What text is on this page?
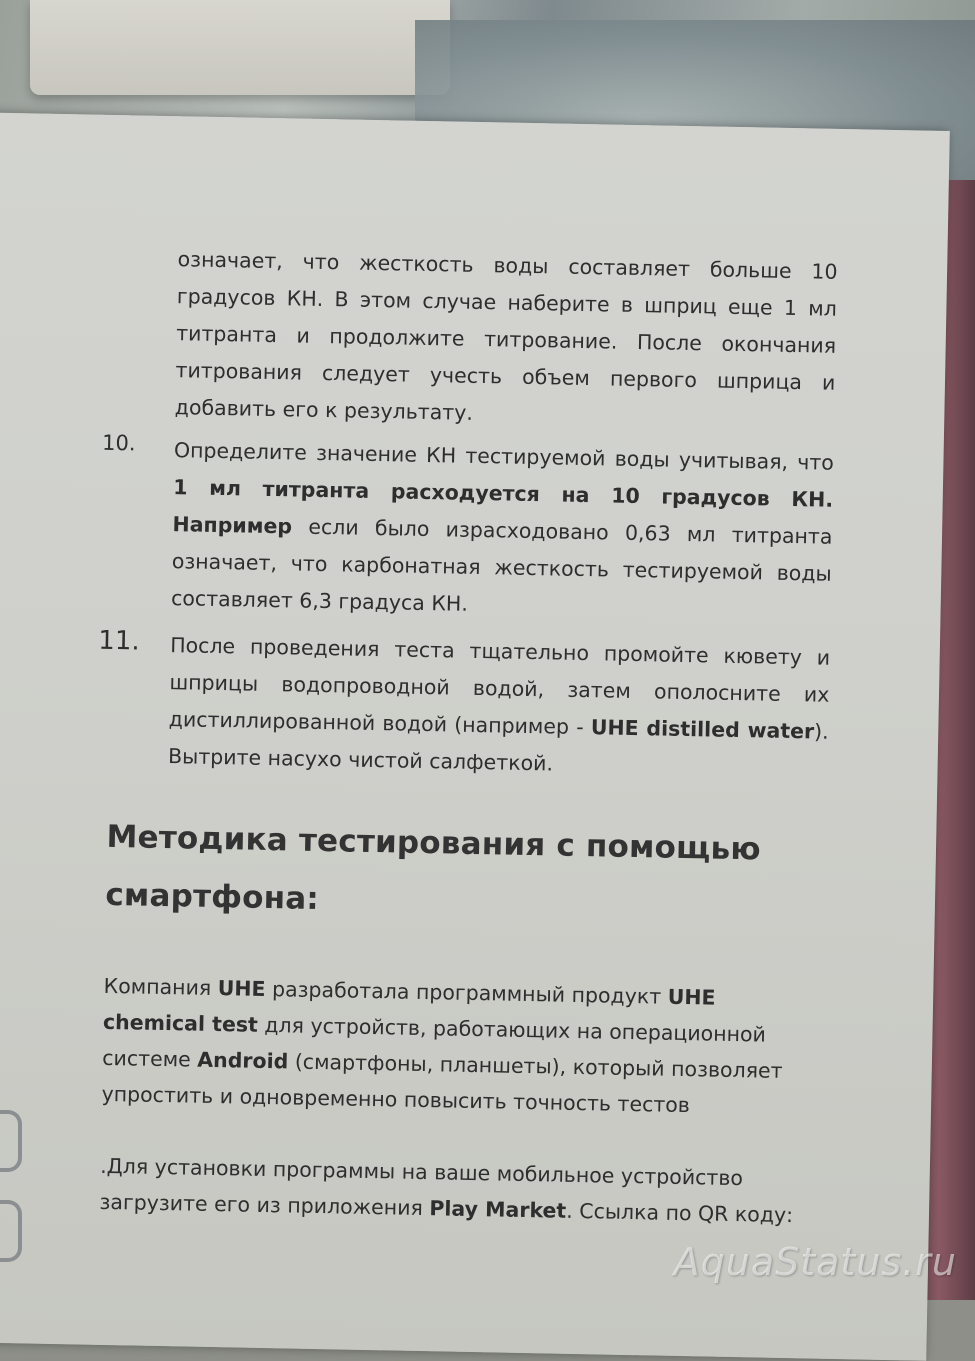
означает, что жесткость воды составляет больше 10 градусов КН. В этом случае наберите в шприц еще 1 мл титранта и продолжите титрование. После окончания титрования следует учесть объем первого шприца и добавить его к результату.

10. Определите значение КН тестируемой воды учитывая, что 1 мл титранта расходуется на 10 градусов КН. Например если было израсходовано 0,63 мл титранта означает, что карбонатная жесткость тестируемой воды составляет 6,3 градуса КН.

11. После проведения теста тщательно промойте кювету и шприцы водопроводной водой, затем ополосните их дистиллированной водой (например - UHE distilled water). Вытрите насухо чистой салфеткой.

Методика тестирования с помощью смартфона:

Компания UHE разработала программный продукт UHE chemical test для устройств, работающих на операционной системе Android (смартфоны, планшеты), который позволяет упростить и одновременно повысить точность тестов

.Для установки программы на ваше мобильное устройство загрузите его из приложения Play Market. Ссылка по QR коду:

AquaStatus.ru
